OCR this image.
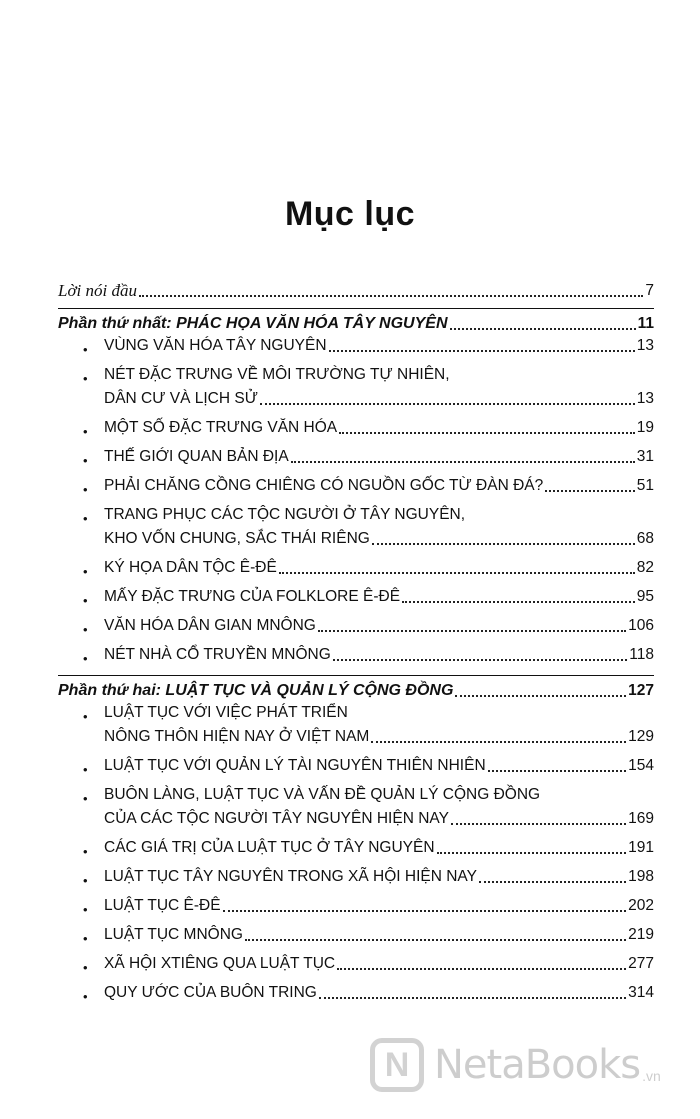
Mục lục
Lời nói đầu	7
Phần thứ nhất: PHÁC HỌA VĂN HÓA TÂY NGUYÊN	11
• VÙNG VĂN HÓA TÂY NGUYÊN	13
• NÉT ĐẶC TRƯNG VỀ MÔI TRƯỜNG TỰ NHIÊN,
DÂN CƯ VÀ LỊCH SỬ	13
• MỘT SỐ ĐẶC TRƯNG VĂN HÓA	19
• THẾ GIỚI QUAN BẢN ĐỊA	31
• PHẢI CHĂNG CỒNG CHIÊNG CÓ NGUỒN GỐC TỪ ĐÀN ĐÁ?	51
• TRANG PHỤC CÁC TỘC NGƯỜI Ở TÂY NGUYÊN,
KHO VỐN CHUNG, SẮC THÁI RIÊNG	68
• KÝ HỌA DÂN TỘC Ê-ĐÊ	82
• MẤY ĐẶC TRƯNG CỦA FOLKLORE Ê-ĐÊ	95
• VĂN HÓA DÂN GIAN MNÔNG	106
• NÉT NHÀ CỔ TRUYỀN MNÔNG	118
Phần thứ hai: LUẬT TỤC VÀ QUẢN LÝ CỘNG ĐỒNG	127
• LUẬT TỤC VỚI VIỆC PHÁT TRIỂN
NÔNG THÔN HIỆN NAY Ở VIỆT NAM	129
• LUẬT TỤC VỚI QUẢN LÝ TÀI NGUYÊN THIÊN NHIÊN	154
• BUÔN LÀNG, LUẬT TỤC VÀ VẤN ĐỀ QUẢN LÝ CỘNG ĐỒNG
CỦA CÁC TỘC NGƯỜI TÂY NGUYÊN HIỆN NAY	169
• CÁC GIÁ TRỊ CỦA LUẬT TỤC Ở TÂY NGUYÊN	191
• LUẬT TỤC TÂY NGUYÊN TRONG XÃ HỘI HIỆN NAY	198
• LUẬT TỤC Ê-ĐÊ	202
• LUẬT TỤC MNÔNG	219
• XÃ HỘI XTIÊNG QUA LUẬT TỤC	277
• QUY ƯỚC CỦA BUÔN TRING	314
N NetaBooks .vn
